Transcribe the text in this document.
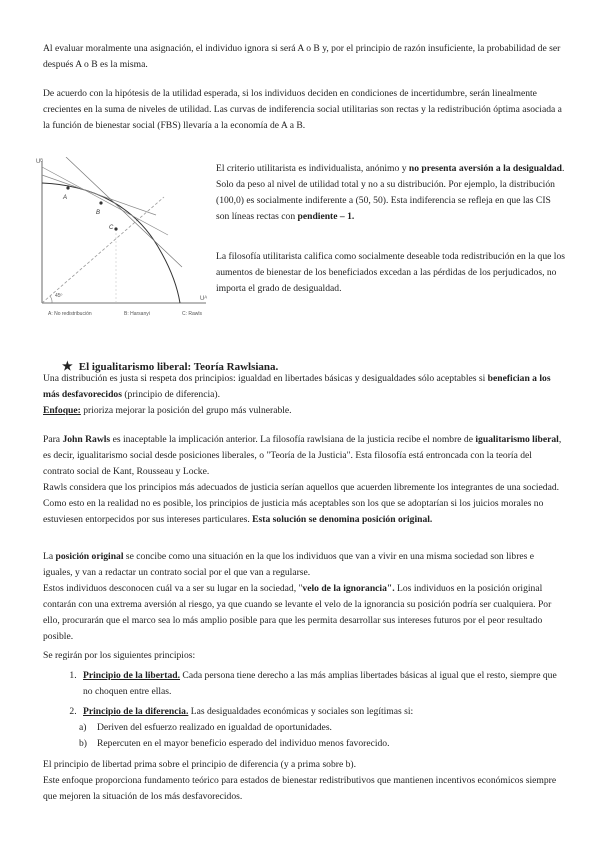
Al evaluar moralmente una asignación, el individuo ignora si será A o B y, por el principio de razón insuficiente, la probabilidad de ser después A o B es la misma.

De acuerdo con la hipótesis de la utilidad esperada, si los individuos deciden en condiciones de incertidumbre, serán linealmente crecientes en la suma de niveles de utilidad. Las curvas de indiferencia social utilitarias son rectas y la redistribución óptima asociada a la función de bienestar social (FBS) llevaría a la economía de A a B.

Uᴮ
Uᴬ
45º
A
B
C
A: No redistribución	B: Harsanyi	C: Rawls

El criterio utilitarista es individualista, anónimo y no presenta aversión a la desigualdad. Solo da peso al nivel de utilidad total y no a su distribución. Por ejemplo, la distribución (100,0) es socialmente indiferente a (50, 50). Esta indiferencia se refleja en que las CIS son líneas rectas con pendiente – 1.

La filosofía utilitarista califica como socialmente deseable toda redistribución en la que los aumentos de bienestar de los beneficiados excedan a las pérdidas de los perjudicados, no importa el grado de desigualdad.

★ El igualitarismo liberal: Teoría Rawlsiana.

Una distribución es justa si respeta dos principios: igualdad en libertades básicas y desigualdades sólo aceptables si benefician a los más desfavorecidos (principio de diferencia).

Enfoque: prioriza mejorar la posición del grupo más vulnerable.

Para John Rawls es inaceptable la implicación anterior. La filosofía rawlsiana de la justicia recibe el nombre de igualitarismo liberal, es decir, igualitarismo social desde posiciones liberales, o "Teoría de la Justicia". Esta filosofía está entroncada con la teoría del contrato social de Kant, Rousseau y Locke.

Rawls considera que los principios más adecuados de justicia serían aquellos que acuerden libremente los integrantes de una sociedad. Como esto en la realidad no es posible, los principios de justicia más aceptables son los que se adoptarían si los juicios morales no estuviesen entorpecidos por sus intereses particulares. Esta solución se denomina posición original.

La posición original se concibe como una situación en la que los individuos que van a vivir en una misma sociedad son libres e iguales, y van a redactar un contrato social por el que van a regularse.

Estos individuos desconocen cuál va a ser su lugar en la sociedad, "velo de la ignorancia". Los individuos en la posición original contarán con una extrema aversión al riesgo, ya que cuando se levante el velo de la ignorancia su posición podría ser cualquiera. Por ello, procurarán que el marco sea lo más amplio posible para que les permita desarrollar sus intereses futuros por el peor resultado posible.

Se regirán por los siguientes principios:

1. Principio de la libertad. Cada persona tiene derecho a las más amplias libertades básicas al igual que el resto, siempre que no choquen entre ellas.
2. Principio de la diferencia. Las desigualdades económicas y sociales son legítimas si:
a) Deriven del esfuerzo realizado en igualdad de oportunidades.
b) Repercuten en el mayor beneficio esperado del individuo menos favorecido.

El principio de libertad prima sobre el principio de diferencia (y a prima sobre b).

Este enfoque proporciona fundamento teórico para estados de bienestar redistributivos que mantienen incentivos económicos siempre que mejoren la situación de los más desfavorecidos.
